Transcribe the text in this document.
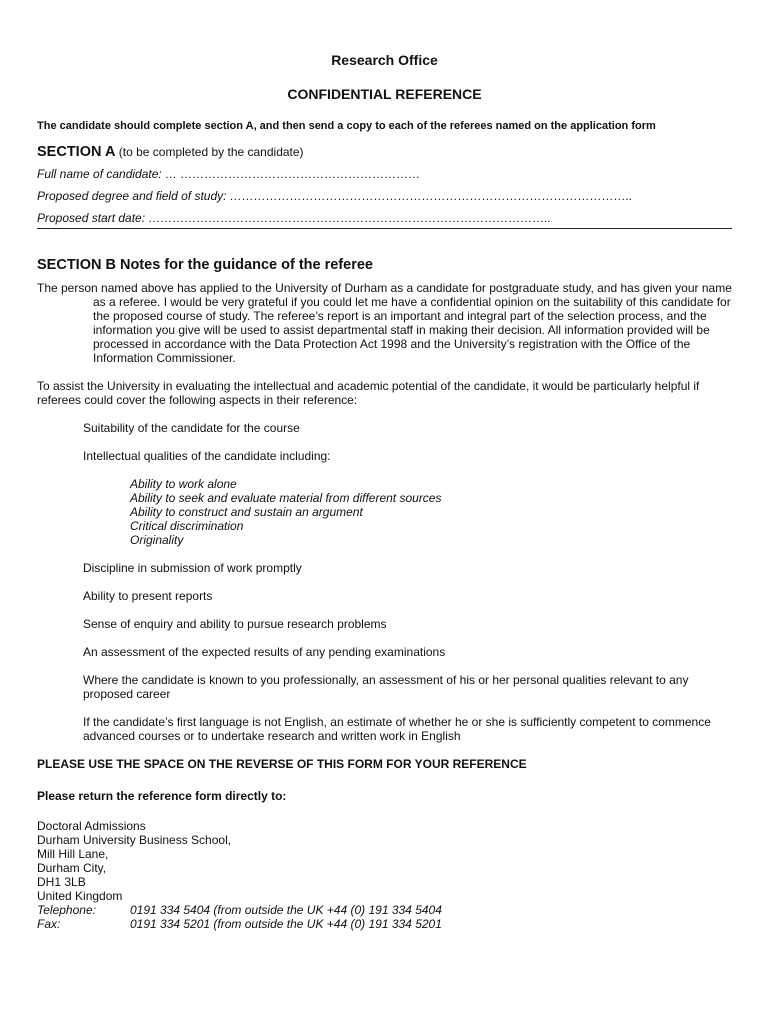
Research Office

CONFIDENTIAL REFERENCE

The candidate should complete section A, and then send a copy to each of the referees named on the application form
SECTION A (to be completed by the candidate)
Full name of candidate: … ……………………………………………………
Proposed degree and field of study: ………………………………………………………………………………………..
Proposed start date: ………………………………………………………………………………………..
SECTION B Notes for the guidance of the referee
The person named above has applied to the University of Durham as a candidate for postgraduate study, and has given your name as a referee. I would be very grateful if you could let me have a confidential opinion on the suitability of this candidate for the proposed course of study. The referee’s report is an important and integral part of the selection process, and the information you give will be used to assist departmental staff in making their decision. All information provided will be processed in accordance with the Data Protection Act 1998 and the University’s registration with the Office of the Information Commissioner.
To assist the University in evaluating the intellectual and academic potential of the candidate, it would be particularly helpful if referees could cover the following aspects in their reference:
Suitability of the candidate for the course
Intellectual qualities of the candidate including:
Ability to work alone
Ability to seek and evaluate material from different sources
Ability to construct and sustain an argument
Critical discrimination
Originality
Discipline in submission of work promptly
Ability to present reports
Sense of enquiry and ability to pursue research problems
An assessment of the expected results of any pending examinations
Where the candidate is known to you professionally, an assessment of his or her personal qualities relevant to any proposed career
If the candidate’s first language is not English, an estimate of whether he or she is sufficiently competent to commence advanced courses or to undertake research and written work in English
PLEASE USE THE SPACE ON THE REVERSE OF THIS FORM FOR YOUR REFERENCE
Please return the reference form directly to:
Doctoral Admissions
Durham University Business School,
Mill Hill Lane,
Durham City,
DH1 3LB
United Kingdom
Telephone:	0191 334 5404 (from outside the UK +44 (0) 191 334 5404
Fax:	0191 334 5201 (from outside the UK +44 (0) 191 334 5201
